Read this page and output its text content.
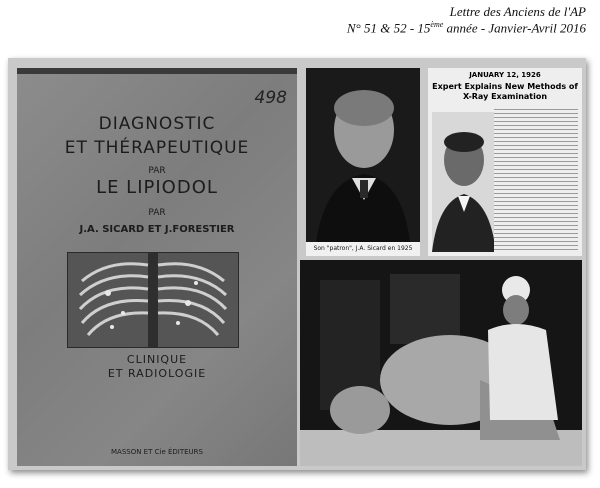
Lettre des Anciens de l'AP
N° 51 & 52 - 15ème année - Janvier-Avril 2016
498
DIAGNOSTIC
ET THÉRAPEUTIQUE
PAR
LE LIPIODOL
PAR
J.A. SICARD ET J.FORESTIER
CLINIQUE
ET RADIOLOGIE
MASSON ET Cie ÉDITEURS
Son "patron", J.A. Sicard en 1925
JANUARY 12, 1926
Expert Explains New Methods of
X-Ray Examination
